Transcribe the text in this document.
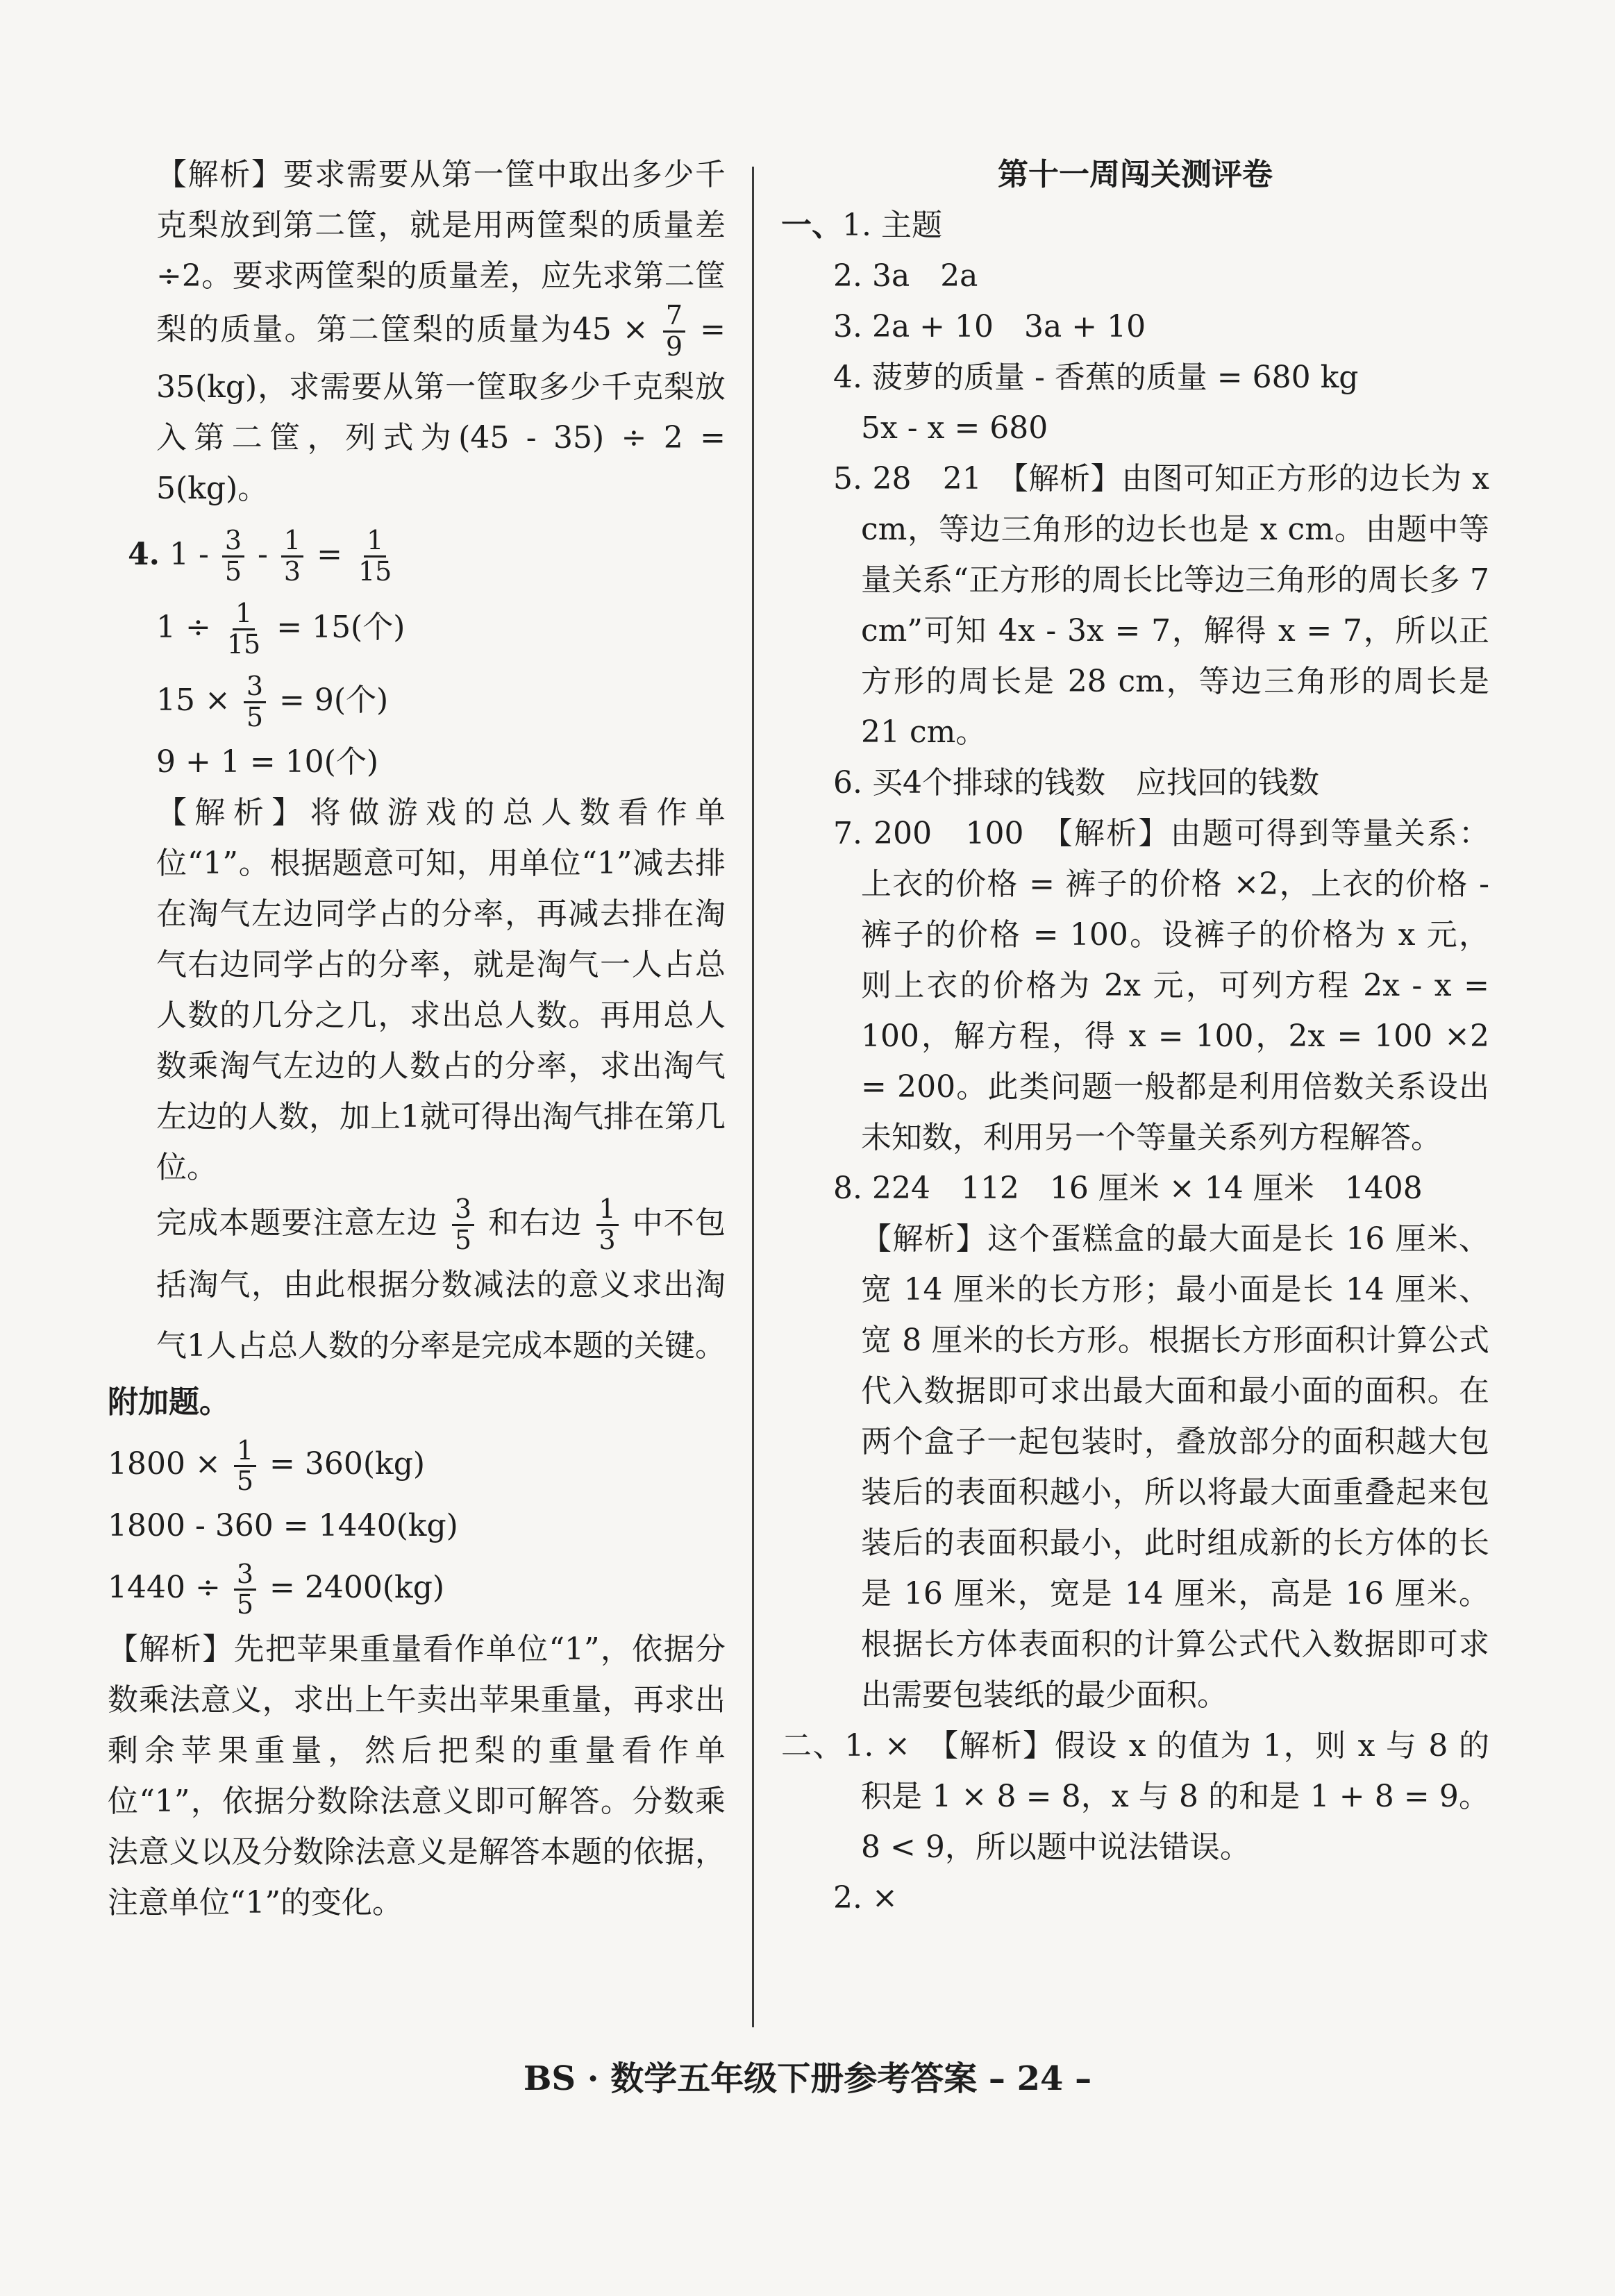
【解析】要求需要从第一筐中取出多少千克梨放到第二筐，就是用两筐梨的质量差÷2。要求两筐梨的质量差，应先求第二筐梨的质量。第二筐梨的质量为$45 \times \frac{7}{9} = 35(kg)$，求需要从第一筐取多少千克梨放入第二筐，列式为(45 - 35) ÷ 2 = 5(kg)。

4. $1 - \frac{3}{5} - \frac{1}{3} = \frac{1}{15}$

$1 \div \frac{1}{15} = 15$(个)

$15 \times \frac{3}{5} = 9$(个)

9 + 1 = 10(个)

【解析】将做游戏的总人数看作单位“1”。根据题意可知，用单位“1”减去排在淘气左边同学占的分率，再减去排在淘气右边同学占的分率，就是淘气一人占总人数的几分之几，求出总人数。再用总人数乘淘气左边的人数占的分率，求出淘气左边的人数，加上1就可得出淘气排在第几位。

完成本题要注意左边 $\frac{3}{5}$ 和右边 $\frac{1}{3}$ 中不包括淘气，由此根据分数减法的意义求出淘气1人占总人数的分率是完成本题的关键。

附加题。

$1800 \times \frac{1}{5} = 360(kg)$

1800 - 360 = 1440(kg)

$1440 \div \frac{3}{5} = 2400(kg)$

【解析】先把苹果重量看作单位“1”，依据分数乘法意义，求出上午卖出苹果重量，再求出剩余苹果重量，然后把梨的重量看作单位“1”，依据分数除法意义即可解答。分数乘法意义以及分数除法意义是解答本题的依据，注意单位“1”的变化。

第十一周闯关测评卷

一、1. 主题

2. 3a　2a

3. 2a + 10　3a + 10

4. 菠萝的质量 - 香蕉的质量 = 680 kg

5x - x = 680

5. 28　21　【解析】由图可知正方形的边长为 x cm，等边三角形的边长也是 x cm。由题中等量关系“正方形的周长比等边三角形的周长多 7 cm”可知 4x - 3x = 7，解得 x = 7，所以正方形的周长是 28 cm，等边三角形的周长是 21 cm。

6. 买4个排球的钱数　应找回的钱数

7. 200　100　【解析】由题可得到等量关系：上衣的价格 = 裤子的价格 ×2，上衣的价格 - 裤子的价格 = 100。设裤子的价格为 x 元，则上衣的价格为 2x 元，可列方程 2x - x = 100，解方程，得 x = 100，2x = 100 ×2 = 200。此类问题一般都是利用倍数关系设出未知数，利用另一个等量关系列方程解答。

8. 224　112　16 厘米 × 14 厘米　1408

【解析】这个蛋糕盒的最大面是长 16 厘米、宽 14 厘米的长方形；最小面是长 14 厘米、宽 8 厘米的长方形。根据长方形面积计算公式代入数据即可求出最大面和最小面的面积。在两个盒子一起包装时，叠放部分的面积越大包装后的表面积越小，所以将最大面重叠起来包装后的表面积最小，此时组成新的长方体的长是 16 厘米，宽是 14 厘米，高是 16 厘米。根据长方体表面积的计算公式代入数据即可求出需要包装纸的最少面积。

二、1. ×　【解析】假设 x 的值为 1，则 x 与 8 的积是 1 × 8 = 8，x 与 8 的和是 1 + 8 = 9。8 < 9，所以题中说法错误。

2. ×

BS · 数学五年级下册参考答案 – 24 –
